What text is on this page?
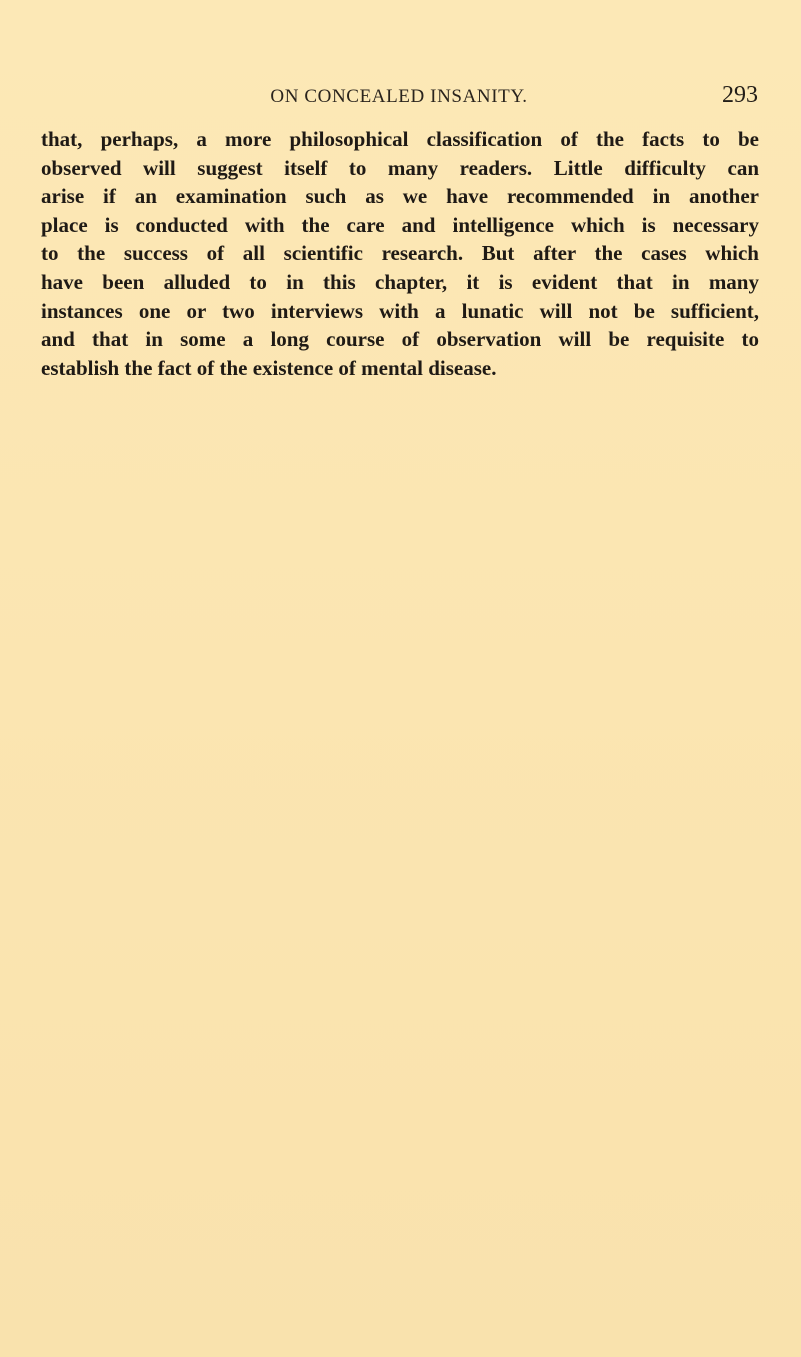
ON CONCEALED INSANITY.	293
that, perhaps, a more philosophical classification of the facts to be
observed will suggest itself to many readers. Little difficulty can
arise if an examination such as we have recommended in another
place is conducted with the care and intelligence which is necessary
to the success of all scientific research. But after the cases which
have been alluded to in this chapter, it is evident that in many
instances one or two interviews with a lunatic will not be sufficient,
and that in some a long course of observation will be requisite to
establish the fact of the existence of mental disease.
